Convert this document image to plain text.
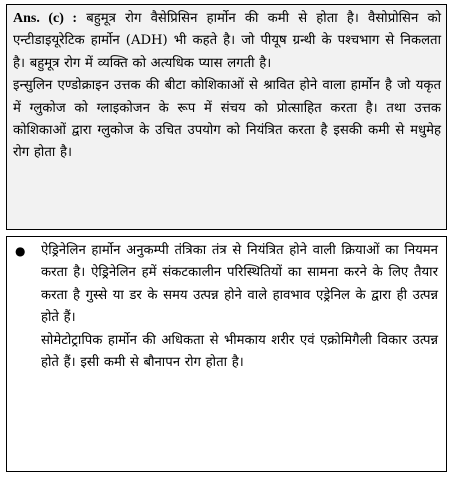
Ans. (c) : बहुमूत्र रोग वैसेप्रिसिन हार्मोन की कमी से होता है। वैसोप्रोसिन को एन्टीडाइयूरेटिक हार्मोन (ADH) भी कहते है। जो पीयूष ग्रन्थी के पश्चभाग से निकलता है। बहुमूत्र रोग में व्यक्ति को अत्यधिक प्यास लगती है।

इन्सुलिन एण्डोक्राइन उत्तक की बीटा कोशिकाओं से श्रावित होने वाला हार्मोन है जो यकृत में ग्लुकोज को ग्लाइकोजन के रूप में संचय को प्रोत्साहित करता है। तथा उत्तक कोशिकाओं द्वारा ग्लुकोज के उचित उपयोग को नियंत्रित करता है इसकी कमी से मधुमेह रोग होता है।

●	ऐड्रिनेलिन हार्मोन अनुकम्पी तंत्रिका तंत्र से नियंत्रित होने वाली क्रियाओं का नियमन करता है। ऐड्रिनेलिन हमें संकटकालीन परिस्थितियों का सामना करने के लिए तैयार करता है गुस्से या डर के समय उत्पन्न होने वाले हावभाव एड्रेनिल के द्वारा ही उत्पन्न होते हैं।

सोमेटोट्रापिक हार्मोन की अधिकता से भीमकाय शरीर एवं एक्रोमिगैली विकार उत्पन्न होते हैं। इसी कमी से बौनापन रोग होता है।
